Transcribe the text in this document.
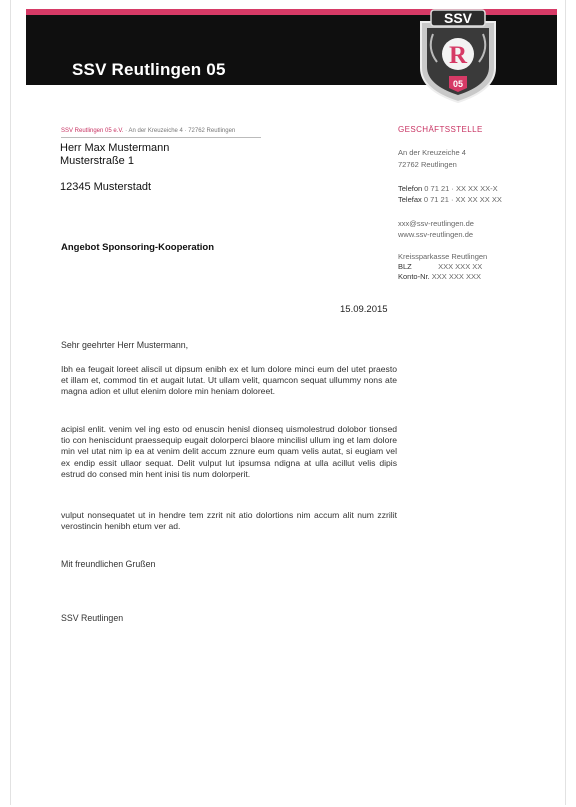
SSV Reutlingen 05
SSV
R
05
SSV Reutlingen 05 e.V. · An der Kreuzeiche 4 · 72762 Reutlingen
Herr Max Mustermann
Musterstraße 1
12345 Musterstadt
GESCHÄFTSSTELLE
An der Kreuzeiche 4
72762 Reutlingen
Telefon 0 71 21 · XX XX XX-X
Telefax 0 71 21 · XX XX XX XX
xxx@ssv-reutlingen.de
www.ssv-reutlingen.de
Kreissparkasse Reutlingen
BLZ	XXX XXX XX
Konto-Nr. XXX XXX XXX
Angebot Sponsoring-Kooperation
15.09.2015
Sehr geehrter Herr Mustermann,
Ibh ea feugait loreet aliscil ut dipsum enibh ex et lum dolore minci eum del utet praesto et illam et, commod tin et augait lutat. Ut ullam velit, quamcon sequat ullummy nons ate magna adion et ullut elenim dolore min heniam doloreet.
acipisl enlit. venim vel ing esto od enuscin henisl dionseq uismolestrud dolobor tionsed tio con heniscidunt praessequip eugait dolorperci blaore mincilisl ullum ing et lam dolore min vel utat nim ip ea at venim delit accum zznure eum quam velis autat, si eugiam vel ex endip essit ullaor sequat. Delit vulput lut ipsumsa ndigna at ulla acillut velis dipis estrud do consed min hent inisi tis num dolorperit.
vulput nonsequatet ut in hendre tem zzrit nit atio dolortions nim accum alit num zzrilit verostincin henibh etum ver ad.
Mit freundlichen Grußen
SSV Reutlingen
